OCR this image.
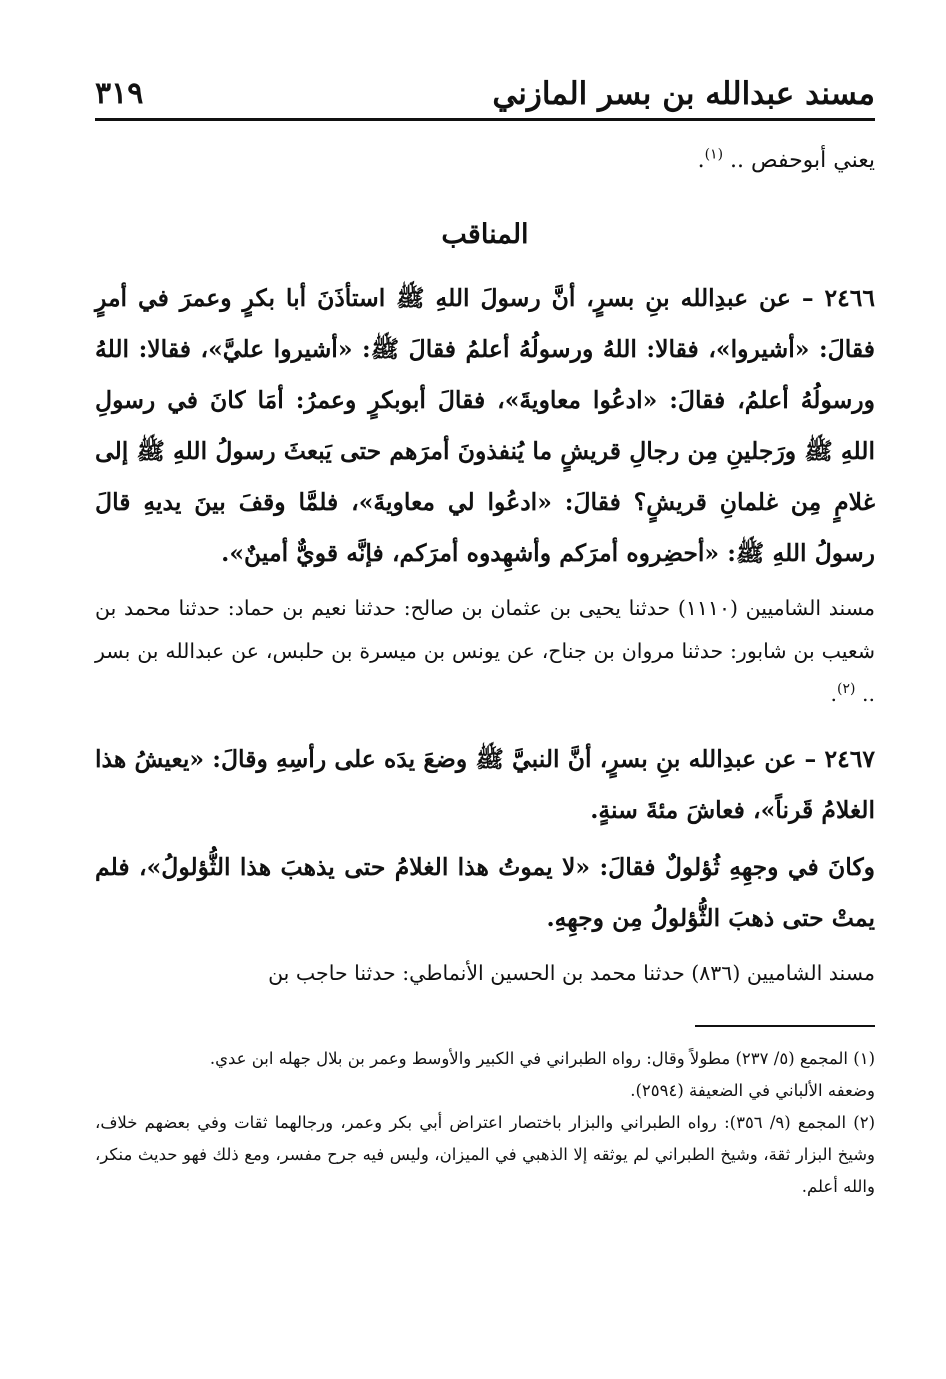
مسند عبدالله بن بسر المازني
٣١٩
يعني أبوحفص .. $^{(١)}$.
المناقب

٢٤٦٦ – عن عبدِالله بنِ بسرٍ، أنَّ رسولَ اللهِ ﷺ استأذَنَ أبا بكرٍ وعمرَ في أمرٍ فقالَ: «أشيروا»، فقالا: اللهُ ورسولُهُ أعلمُ فقالَ ﷺ: «أشيروا عليَّ»، فقالا: اللهُ ورسولُهُ أعلمُ، فقالَ: «ادعُوا معاويةَ»، فقالَ أبوبكرٍ وعمرُ: أمَا كانَ في رسولِ اللهِ ﷺ ورَجلينِ مِن رجالِ قريشٍ ما يُنفذونَ أمرَهم حتى يَبعثَ رسولُ اللهِ ﷺ إلى غلامٍ مِن غلمانِ قريشٍ؟ فقالَ: «ادعُوا لي معاويةَ»، فلمَّا وقفَ بينَ يديهِ قالَ رسولُ اللهِ ﷺ: «أحضِروه أمرَكم وأشهِدوه أمرَكم، فإنَّه قويٌّ أمينٌ».

مسند الشاميين (١١١٠) حدثنا يحيى بن عثمان بن صالح: حدثنا نعيم بن حماد: حدثنا محمد بن شعيب بن شابور: حدثنا مروان بن جناح، عن يونس بن ميسرة بن حلبس، عن عبدالله بن بسر .. $^{(٢)}$.

٢٤٦٧ – عن عبدِالله بنِ بسرٍ، أنَّ النبيَّ ﷺ وضعَ يدَه على رأسِهِ وقالَ: «يعيشُ هذا الغلامُ قَرناً»، فعاشَ مئةَ سنةٍ.

وكانَ في وجهِهِ ثُؤلولٌ فقالَ: «لا يموتُ هذا الغلامُ حتى يذهبَ هذا الثُّؤلولُ»، فلم يمتْ حتى ذهبَ الثُّؤلولُ مِن وجهِهِ.

مسند الشاميين (٨٣٦) حدثنا محمد بن الحسين الأنماطي: حدثنا حاجب بن

(١) المجمع (٥/ ٢٣٧) مطولاً وقال: رواه الطبراني في الكبير والأوسط وعمر بن بلال جهله ابن عدي.

وضعفه الألباني في الضعيفة (٢٥٩٤).

(٢) المجمع (٩/ ٣٥٦): رواه الطبراني والبزار باختصار اعتراض أبي بكر وعمر، ورجالهما ثقات وفي بعضهم خلاف، وشيخ البزار ثقة، وشيخ الطبراني لم يوثقه إلا الذهبي في الميزان، وليس فيه جرح مفسر، ومع ذلك فهو حديث منكر، والله أعلم.
